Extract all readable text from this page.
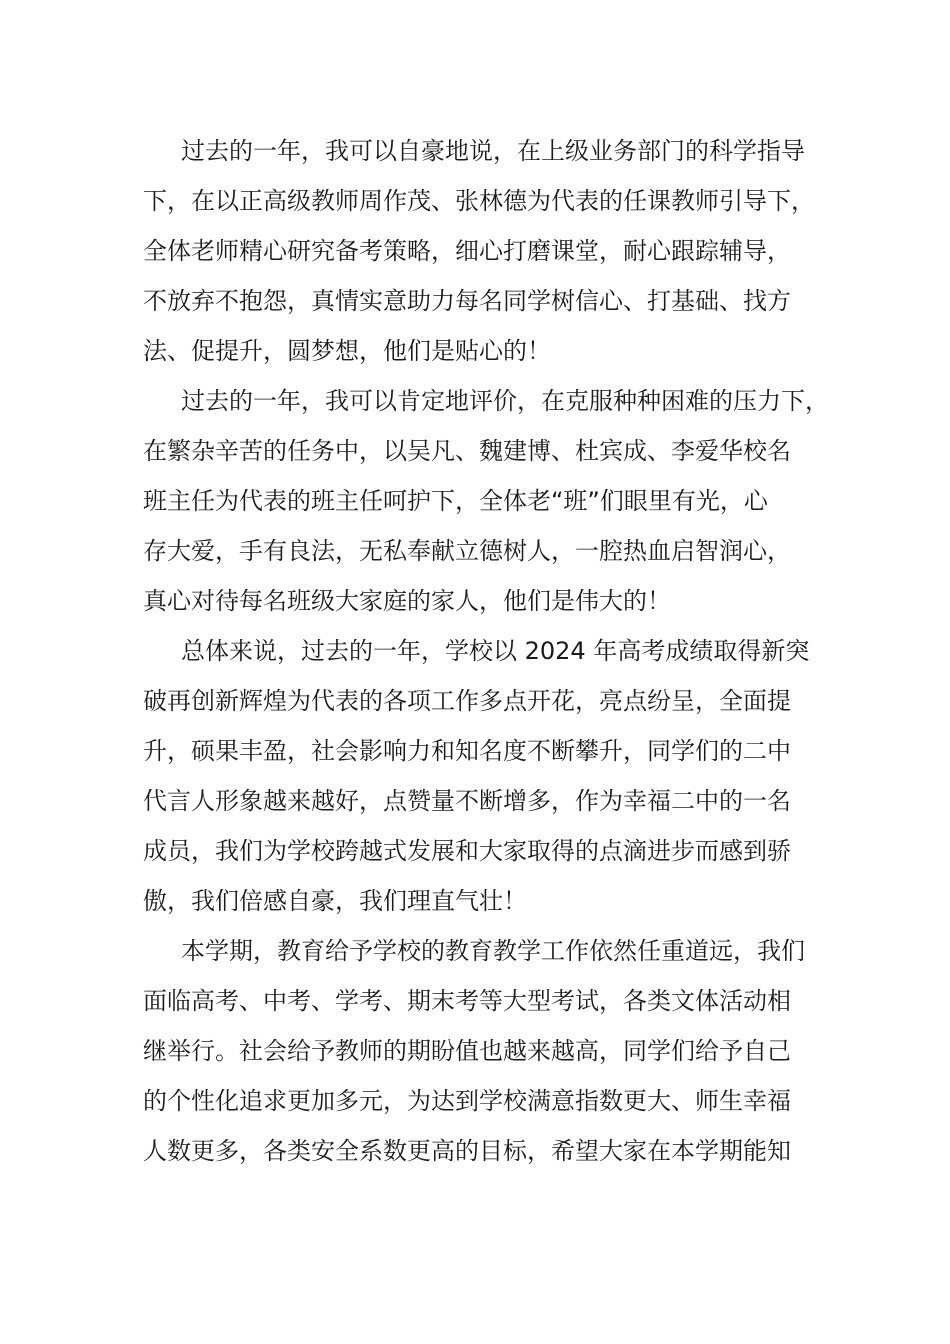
过去的一年，我可以自豪地说，在上级业务部门的科学指导
下，在以正高级教师周作茂、张林德为代表的任课教师引导下，
全体老师精心研究备考策略，细心打磨课堂，耐心跟踪辅导，
不放弃不抱怨，真情实意助力每名同学树信心、打基础、找方
法、促提升，圆梦想，他们是贴心的！
过去的一年，我可以肯定地评价，在克服种种困难的压力下，
在繁杂辛苦的任务中，以吴凡、魏建博、杜宾成、李爱华校名
班主任为代表的班主任呵护下，全体老“班”们眼里有光，心
存大爱，手有良法，无私奉献立德树人，一腔热血启智润心，
真心对待每名班级大家庭的家人，他们是伟大的！
总体来说，过去的一年，学校以 2024 年高考成绩取得新突
破再创新辉煌为代表的各项工作多点开花，亮点纷呈，全面提
升，硕果丰盈，社会影响力和知名度不断攀升，同学们的二中
代言人形象越来越好，点赞量不断增多，作为幸福二中的一名
成员，我们为学校跨越式发展和大家取得的点滴进步而感到骄
傲，我们倍感自豪，我们理直气壮！
本学期，教育给予学校的教育教学工作依然任重道远，我们
面临高考、中考、学考、期末考等大型考试，各类文体活动相
继举行。社会给予教师的期盼值也越来越高，同学们给予自己
的个性化追求更加多元，为达到学校满意指数更大、师生幸福
人数更多，各类安全系数更高的目标，希望大家在本学期能知
